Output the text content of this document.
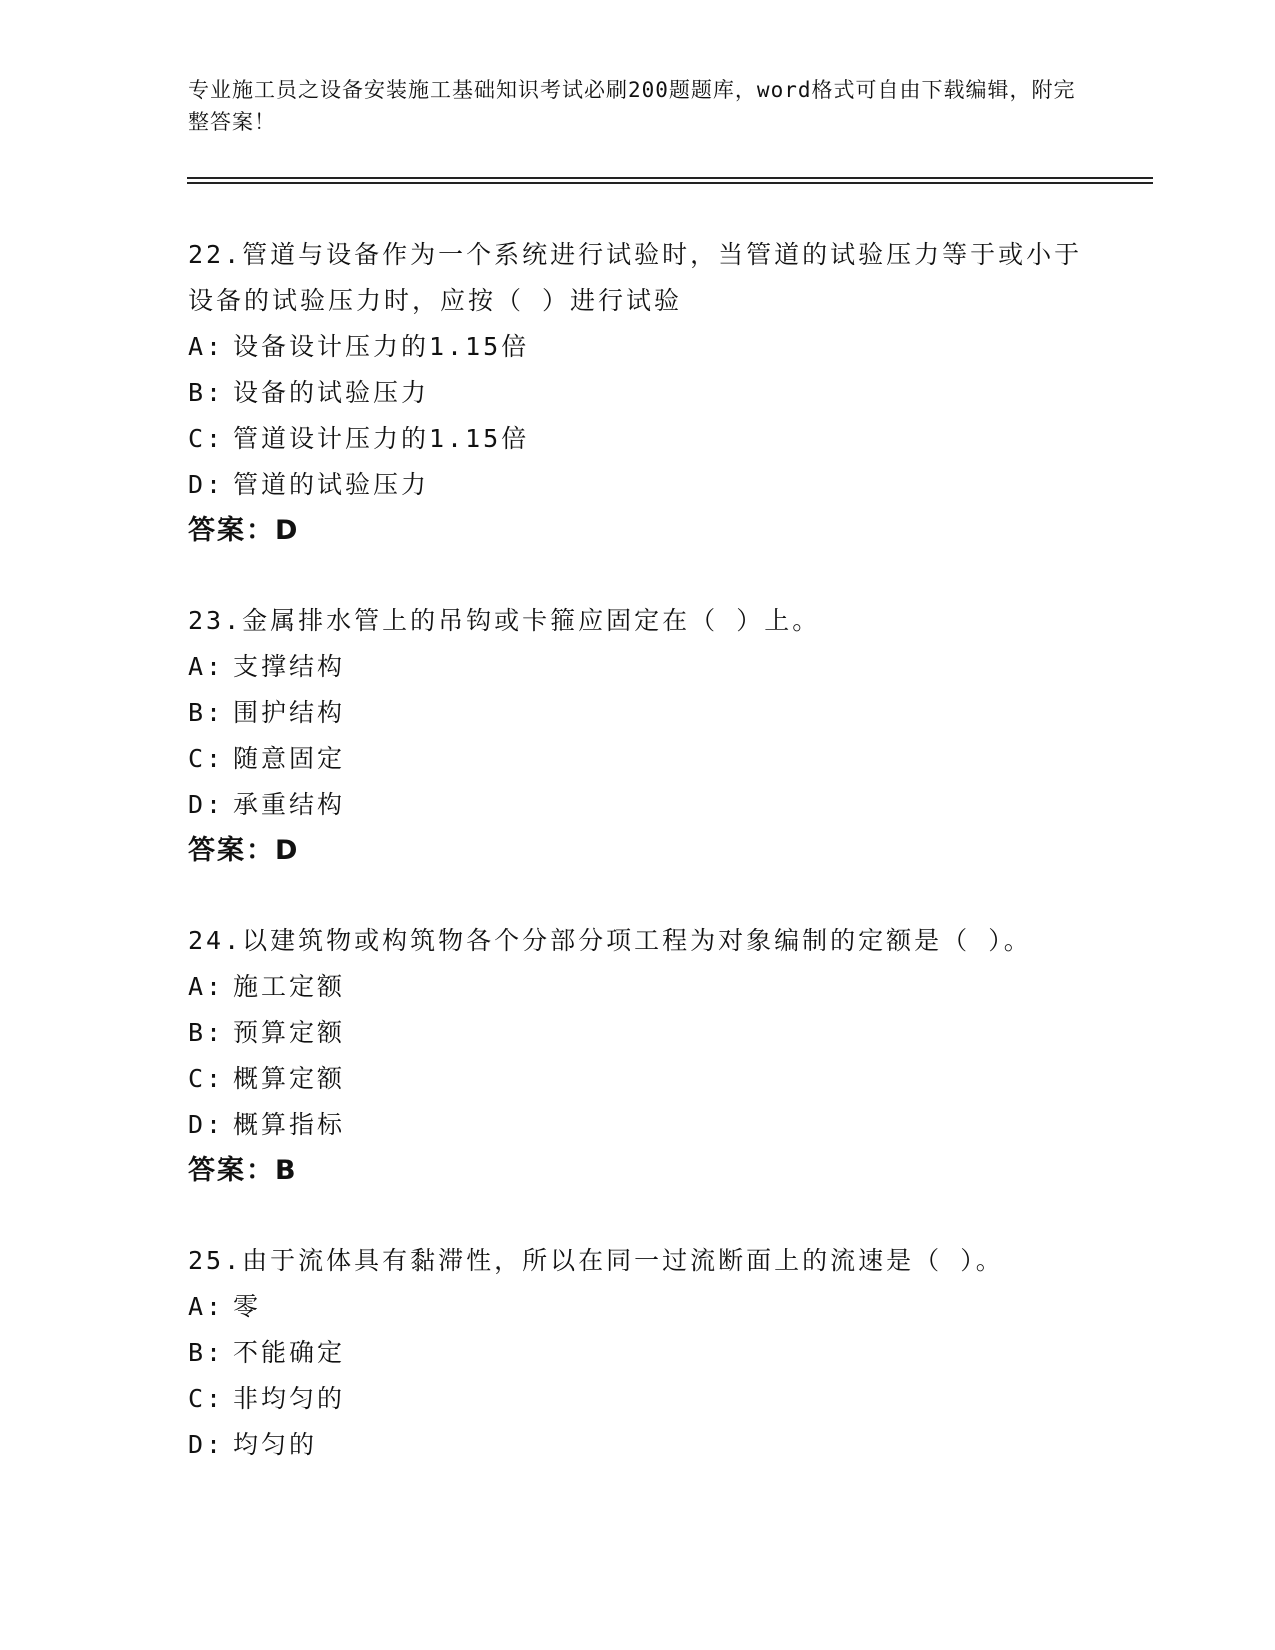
专业施工员之设备安装施工基础知识考试必刷200题题库，word格式可自由下载编辑，附完整答案！

22.管道与设备作为一个系统进行试验时，当管道的试验压力等于或小于设备的试验压力时，应按（ ）进行试验

A: 设备设计压力的1.15倍
B: 设备的试验压力
C: 管道设计压力的1.15倍
D: 管道的试验压力

答案：D

23.金属排水管上的吊钩或卡箍应固定在（ ）上。

A: 支撑结构
B: 围护结构
C: 随意固定
D: 承重结构

答案：D

24.以建筑物或构筑物各个分部分项工程为对象编制的定额是（ ）。

A: 施工定额
B: 预算定额
C: 概算定额
D: 概算指标

答案：B

25.由于流体具有黏滞性，所以在同一过流断面上的流速是（ ）。

A: 零
B: 不能确定
C: 非均匀的
D: 均匀的
